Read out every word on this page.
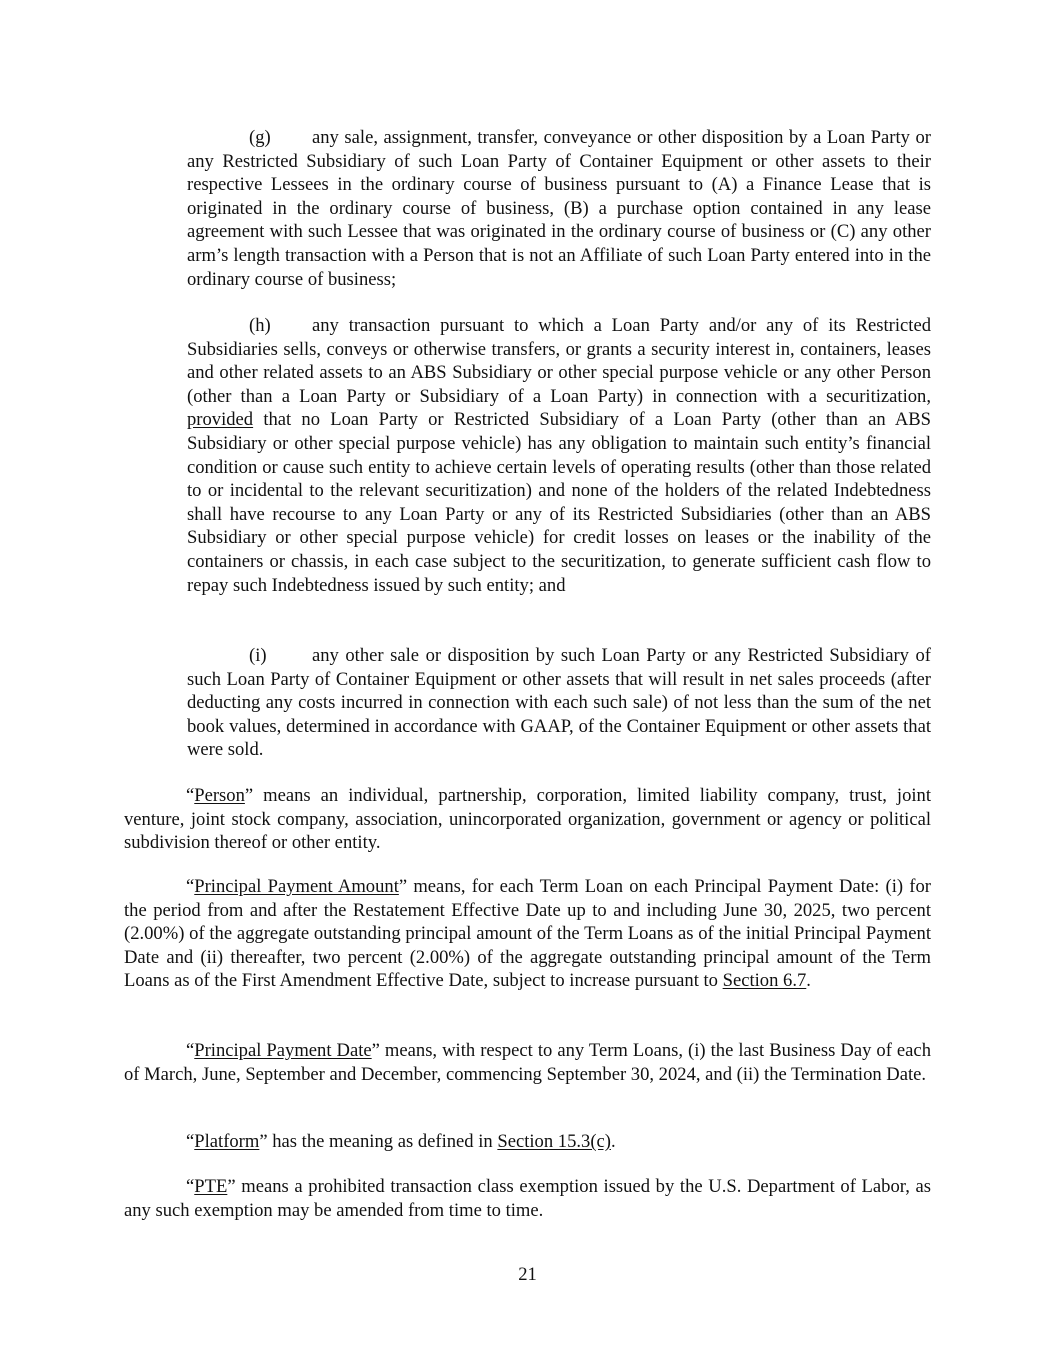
(g) any sale, assignment, transfer, conveyance or other disposition by a Loan Party or any Restricted Subsidiary of such Loan Party of Container Equipment or other assets to their respective Lessees in the ordinary course of business pursuant to (A) a Finance Lease that is originated in the ordinary course of business, (B) a purchase option contained in any lease agreement with such Lessee that was originated in the ordinary course of business or (C) any other arm’s length transaction with a Person that is not an Affiliate of such Loan Party entered into in the ordinary course of business;

(h) any transaction pursuant to which a Loan Party and/or any of its Restricted Subsidiaries sells, conveys or otherwise transfers, or grants a security interest in, containers, leases and other related assets to an ABS Subsidiary or other special purpose vehicle or any other Person (other than a Loan Party or Subsidiary of a Loan Party) in connection with a securitization, provided that no Loan Party or Restricted Subsidiary of a Loan Party (other than an ABS Subsidiary or other special purpose vehicle) has any obligation to maintain such entity’s financial condition or cause such entity to achieve certain levels of operating results (other than those related to or incidental to the relevant securitization) and none of the holders of the related Indebtedness shall have recourse to any Loan Party or any of its Restricted Subsidiaries (other than an ABS Subsidiary or other special purpose vehicle) for credit losses on leases or the inability of the containers or chassis, in each case subject to the securitization, to generate sufficient cash flow to repay such Indebtedness issued by such entity; and

(i) any other sale or disposition by such Loan Party or any Restricted Subsidiary of such Loan Party of Container Equipment or other assets that will result in net sales proceeds (after deducting any costs incurred in connection with each such sale) of not less than the sum of the net book values, determined in accordance with GAAP, of the Container Equipment or other assets that were sold.

“Person” means an individual, partnership, corporation, limited liability company, trust, joint venture, joint stock company, association, unincorporated organization, government or agency or political subdivision thereof or other entity.

“Principal Payment Amount” means, for each Term Loan on each Principal Payment Date: (i) for the period from and after the Restatement Effective Date up to and including June 30, 2025, two percent (2.00%) of the aggregate outstanding principal amount of the Term Loans as of the initial Principal Payment Date and (ii) thereafter, two percent (2.00%) of the aggregate outstanding principal amount of the Term Loans as of the First Amendment Effective Date, subject to increase pursuant to Section 6.7.

“Principal Payment Date” means, with respect to any Term Loans, (i) the last Business Day of each of March, June, September and December, commencing September 30, 2024, and (ii) the Termination Date.

“Platform” has the meaning as defined in Section 15.3(c).

“PTE” means a prohibited transaction class exemption issued by the U.S. Department of Labor, as any such exemption may be amended from time to time.

21
